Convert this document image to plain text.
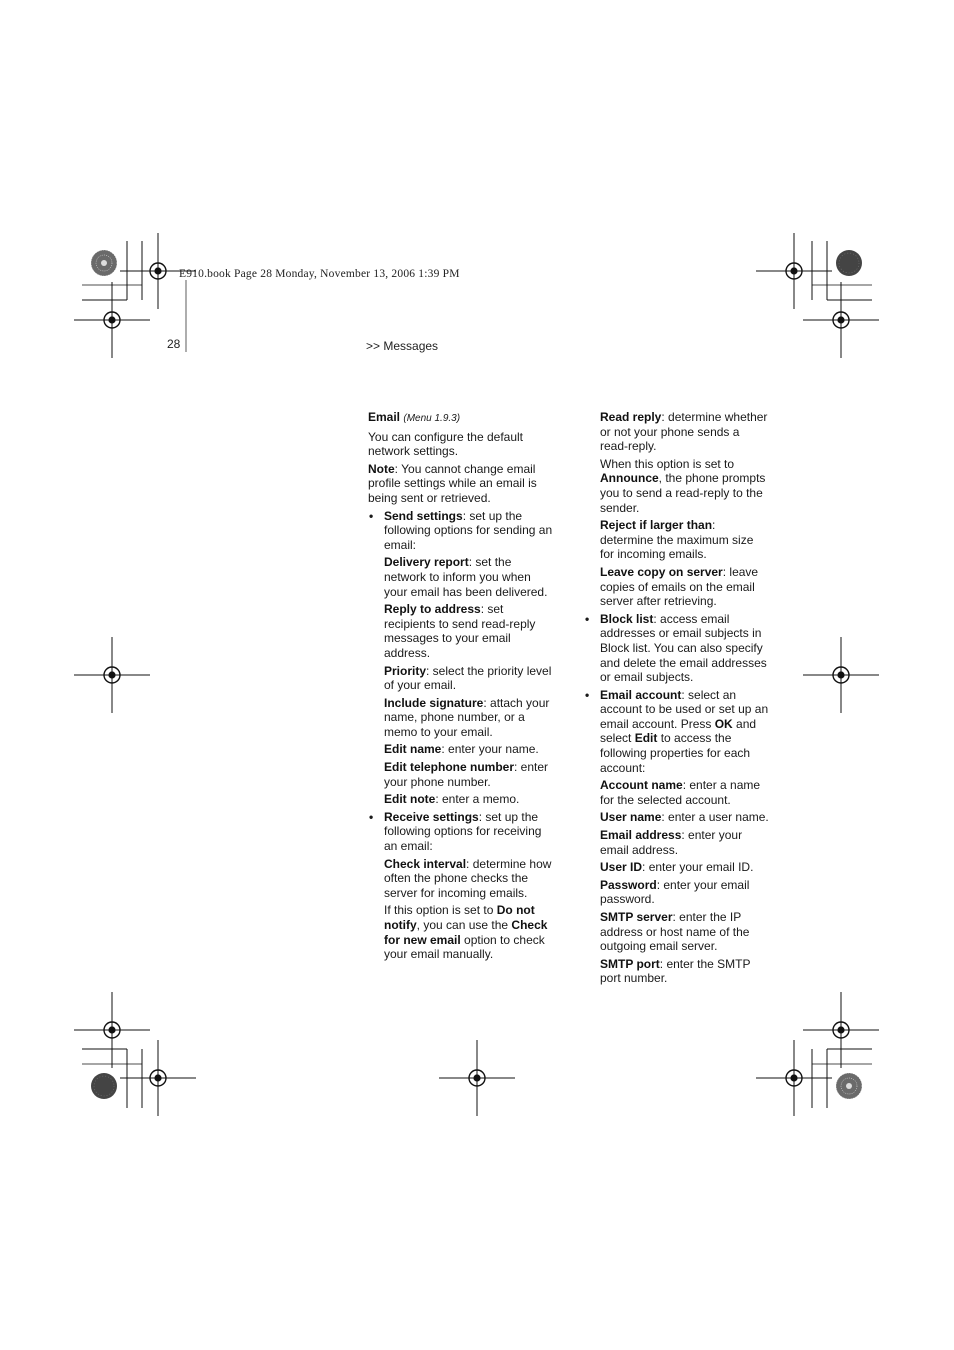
E910.book Page 28 Monday, November 13, 2006 1:39 PM
28	>> Messages

Email (Menu 1.9.3)

You can configure the default network settings.

Note: You cannot change email profile settings while an email is being sent or retrieved.

• Send settings: set up the following options for sending an email:
Delivery report: set the network to inform you when your email has been delivered.
Reply to address: set recipients to send read-reply messages to your email address.
Priority: select the priority level of your email.
Include signature: attach your name, phone number, or a memo to your email.
Edit name: enter your name.
Edit telephone number: enter your phone number.
Edit note: enter a memo.
• Receive settings: set up the following options for receiving an email:
Check interval: determine how often the phone checks the server for incoming emails.
If this option is set to Do not notify, you can use the Check for new email option to check your email manually.
Read reply: determine whether or not your phone sends a read-reply.
When this option is set to Announce, the phone prompts you to send a read-reply to the sender.
Reject if larger than: determine the maximum size for incoming emails.
Leave copy on server: leave copies of emails on the email server after retrieving.
• Block list: access email addresses or email subjects in Block list. You can also specify and delete the email addresses or email subjects.
• Email account: select an account to be used or set up an email account. Press OK and select Edit to access the following properties for each account:
Account name: enter a name for the selected account.
User name: enter a user name.
Email address: enter your email address.
User ID: enter your email ID.
Password: enter your email password.
SMTP server: enter the IP address or host name of the outgoing email server.
SMTP port: enter the SMTP port number.
